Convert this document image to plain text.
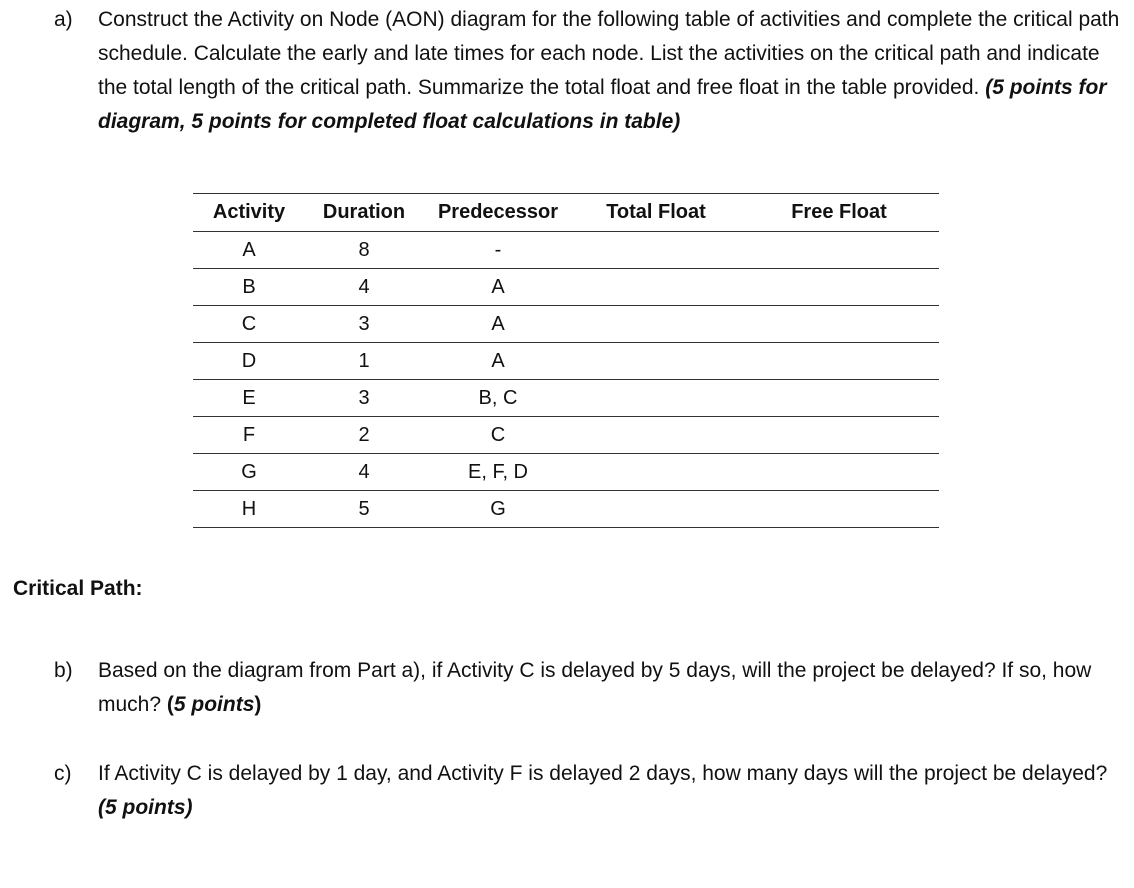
a) Construct the Activity on Node (AON) diagram for the following table of activities and complete the critical path schedule. Calculate the early and late times for each node. List the activities on the critical path and indicate the total length of the critical path. Summarize the total float and free float in the table provided. (5 points for diagram, 5 points for completed float calculations in table)
Activity	Duration	Predecessor	Total Float	Free Float
A	8	-		
B	4	A		
C	3	A		
D	1	A		
E	3	B, C		
F	2	C		
G	4	E, F, D		
H	5	G		
Critical Path:
b) Based on the diagram from Part a), if Activity C is delayed by 5 days, will the project be delayed? If so, how much? (5 points)
c) If Activity C is delayed by 1 day, and Activity F is delayed 2 days, how many days will the project be delayed? (5 points)
